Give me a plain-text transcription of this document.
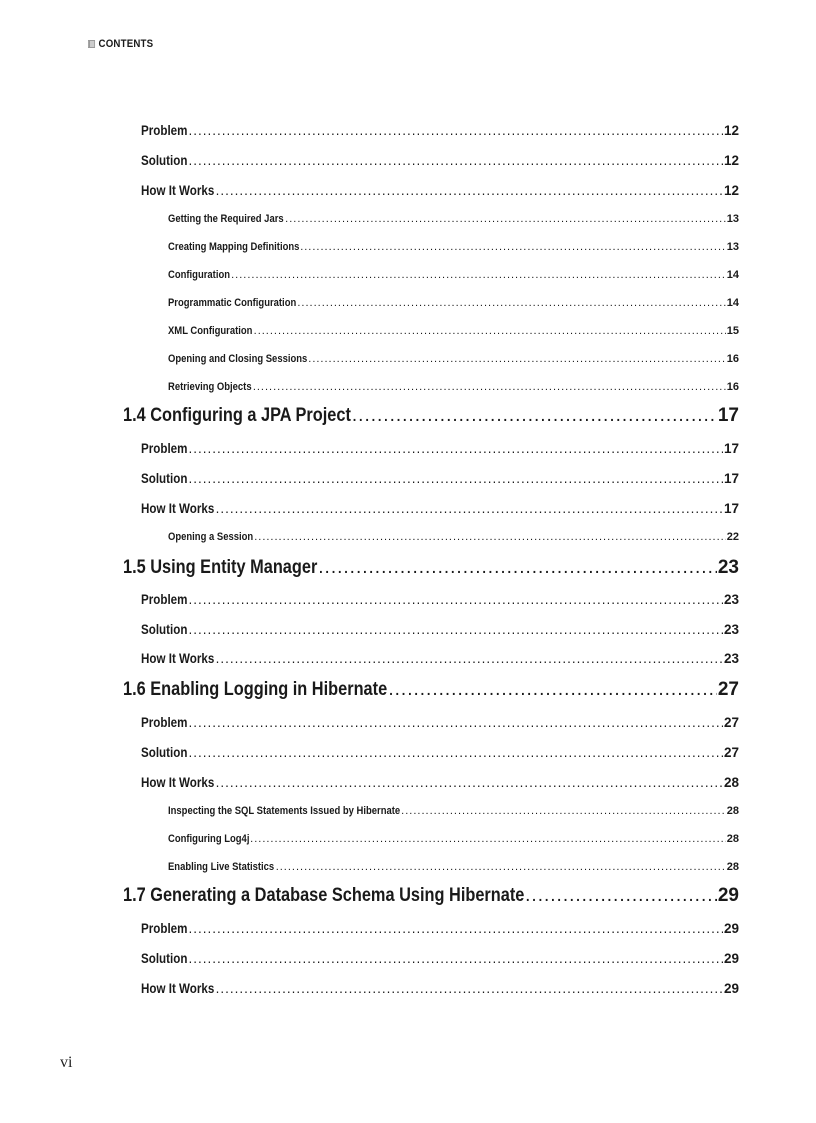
CONTENTS
Problem .....	12
Solution .....	12
How It Works .....	12
Getting the Required Jars .....	13
Creating Mapping Definitions .....	13
Configuration .....	14
Programmatic Configuration .....	14
XML Configuration .....	15
Opening and Closing Sessions .....	16
Retrieving Objects .....	16
1.4 Configuring a JPA Project .....	17
Problem .....	17
Solution .....	17
How It Works .....	17
Opening a Session .....	22
1.5 Using Entity Manager .....	23
Problem .....	23
Solution .....	23
How It Works .....	23
1.6 Enabling Logging in Hibernate .....	27
Problem .....	27
Solution .....	27
How It Works .....	28
Inspecting the SQL Statements Issued by Hibernate .....	28
Configuring Log4j .....	28
Enabling Live Statistics .....	28
1.7 Generating a Database Schema Using Hibernate .....	29
Problem .....	29
Solution .....	29
How It Works .....	29
vi
